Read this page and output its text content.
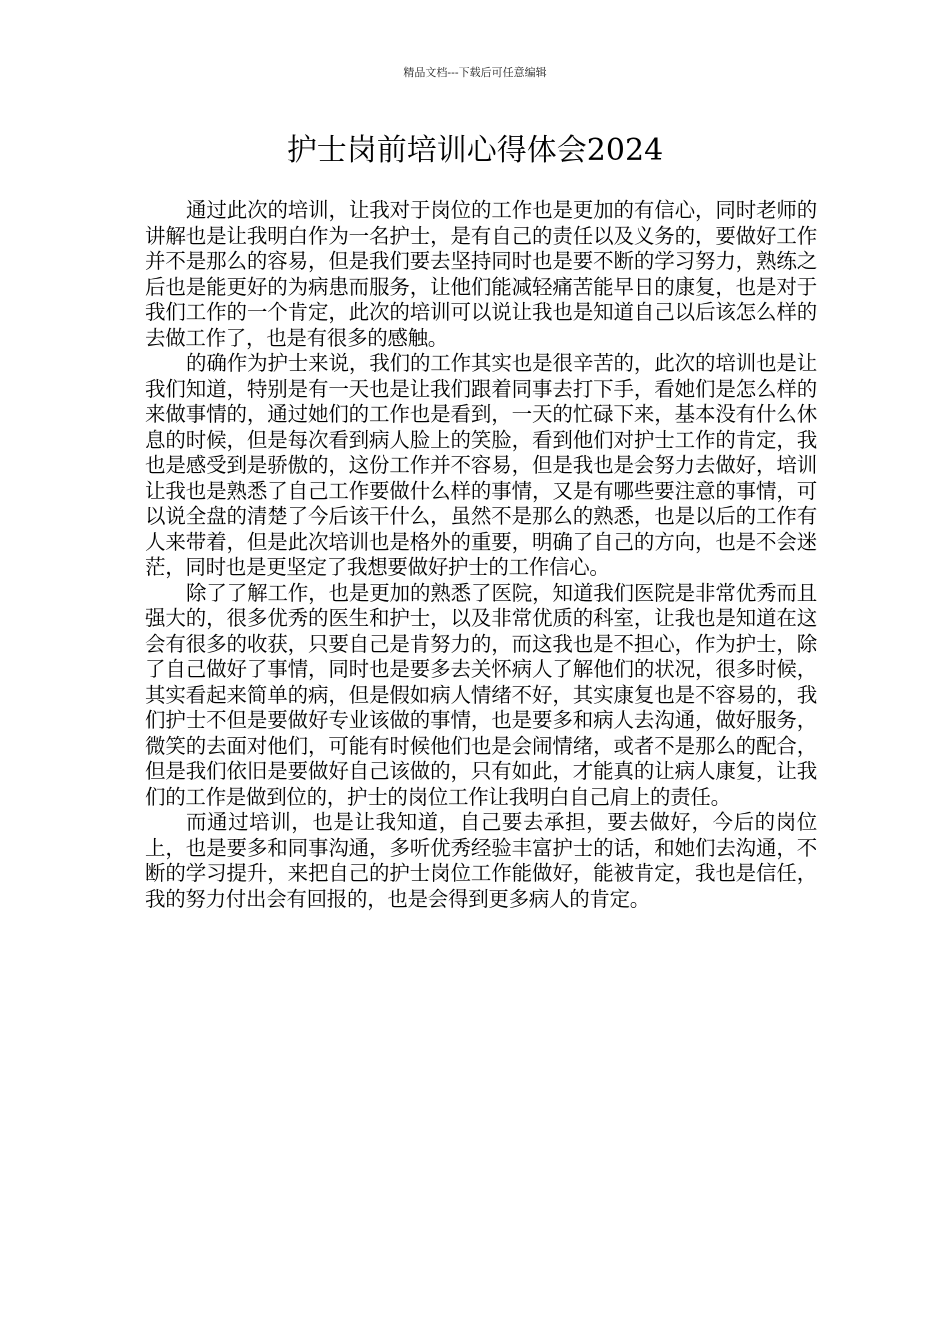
精品文档---下载后可任意编辑
护士岗前培训心得体会2024

通过此次的培训，让我对于岗位的工作也是更加的有信心，同时老师的讲解也是让我明白作为一名护士，是有自己的责任以及义务的，要做好工作并不是那么的容易，但是我们要去坚持同时也是要不断的学习努力，熟练之后也是能更好的为病患而服务，让他们能减轻痛苦能早日的康复，也是对于我们工作的一个肯定，此次的培训可以说让我也是知道自己以后该怎么样的去做工作了，也是有很多的感触。

的确作为护士来说，我们的工作其实也是很辛苦的，此次的培训也是让我们知道，特别是有一天也是让我们跟着同事去打下手，看她们是怎么样的来做事情的，通过她们的工作也是看到，一天的忙碌下来，基本没有什么休息的时候，但是每次看到病人脸上的笑脸，看到他们对护士工作的肯定，我也是感受到是骄傲的，这份工作并不容易，但是我也是会努力去做好，培训让我也是熟悉了自己工作要做什么样的事情，又是有哪些要注意的事情，可以说全盘的清楚了今后该干什么，虽然不是那么的熟悉，也是以后的工作有人来带着，但是此次培训也是格外的重要，明确了自己的方向，也是不会迷茫，同时也是更坚定了我想要做好护士的工作信心。

除了了解工作，也是更加的熟悉了医院，知道我们医院是非常优秀而且强大的，很多优秀的医生和护士，以及非常优质的科室，让我也是知道在这会有很多的收获，只要自己是肯努力的，而这我也是不担心，作为护士，除了自己做好了事情，同时也是要多去关怀病人了解他们的状况，很多时候，其实看起来简单的病，但是假如病人情绪不好，其实康复也是不容易的，我们护士不但是要做好专业该做的事情，也是要多和病人去沟通，做好服务，微笑的去面对他们，可能有时候他们也是会闹情绪，或者不是那么的配合，但是我们依旧是要做好自己该做的，只有如此，才能真的让病人康复，让我们的工作是做到位的，护士的岗位工作让我明白自己肩上的责任。

而通过培训，也是让我知道，自己要去承担，要去做好，今后的岗位上，也是要多和同事沟通，多听优秀经验丰富护士的话，和她们去沟通，不断的学习提升，来把自己的护士岗位工作能做好，能被肯定，我也是信任，我的努力付出会有回报的，也是会得到更多病人的肯定。
